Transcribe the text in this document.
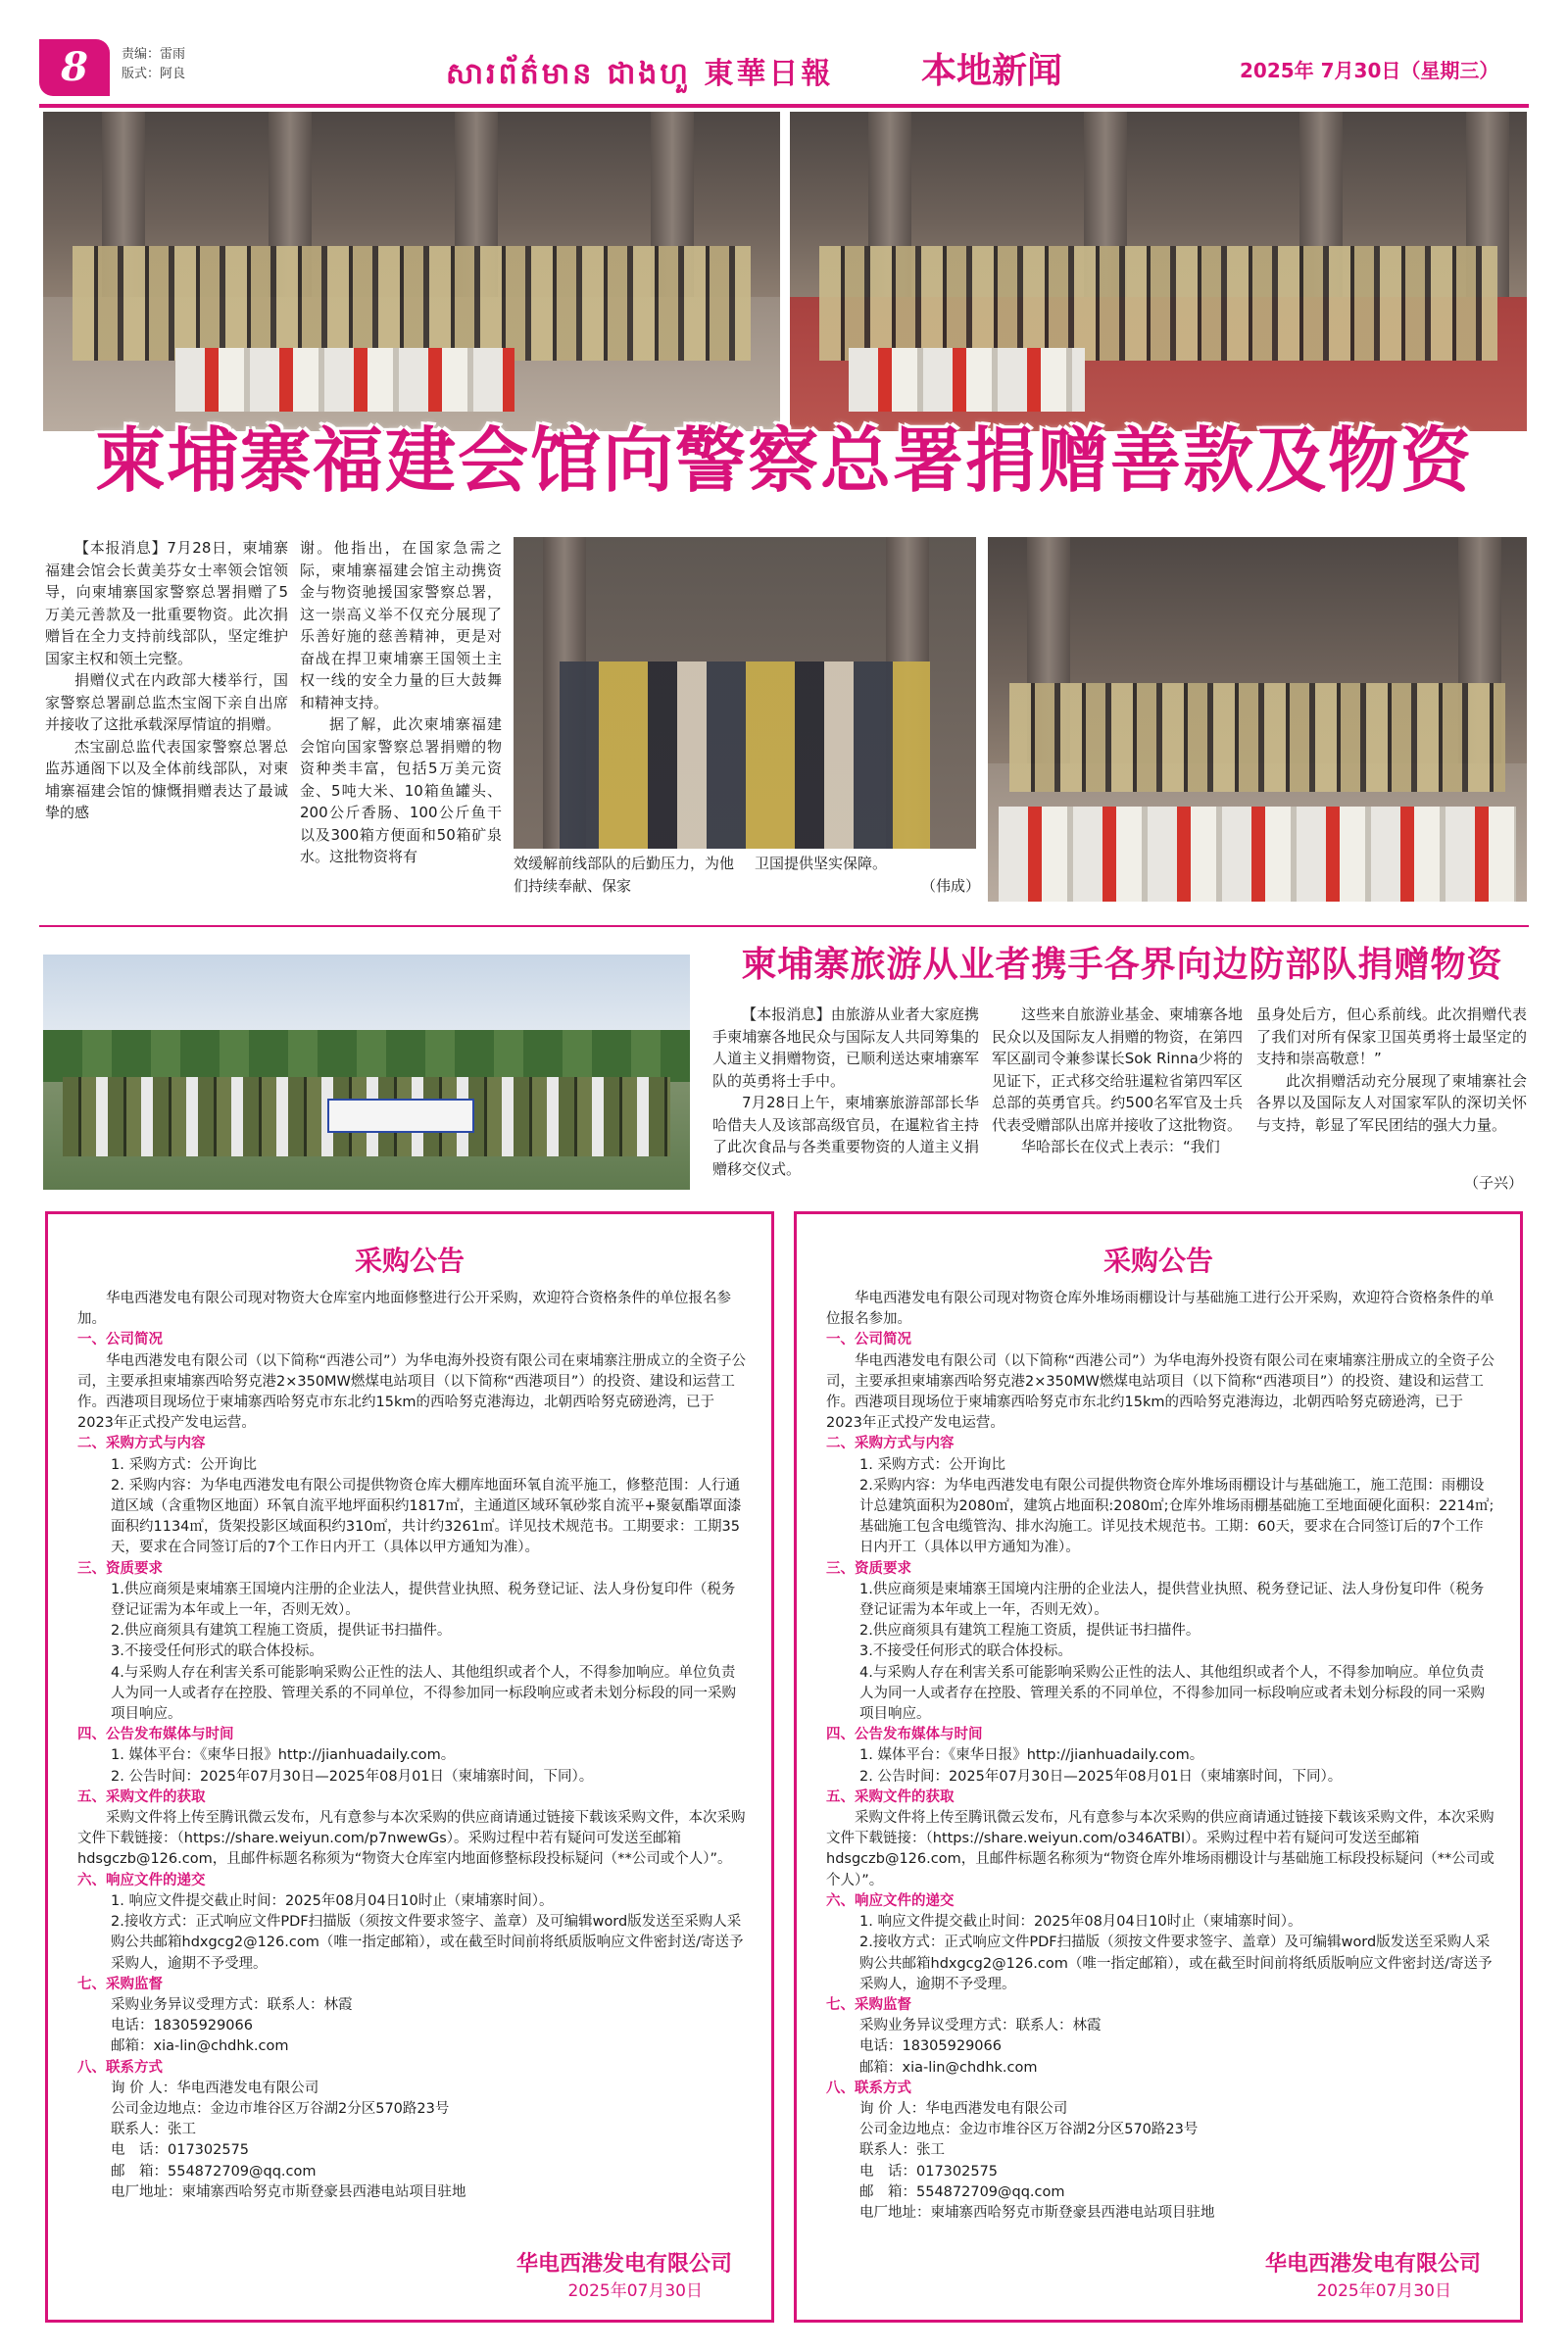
8	责编：雷雨
版式：阿良	សារព័ត៌មាន ជាងហួ 東華日報 本地新闻	2025年 7月30日（星期三）
柬埔寨福建会馆向警察总署捐赠善款及物资

【本报消息】7月28日，柬埔寨福建会馆会长黄美芬女士率领会馆领导，向柬埔寨国家警察总署捐赠了5万美元善款及一批重要物资。此次捐赠旨在全力支持前线部队，坚定维护国家主权和领土完整。

捐赠仪式在内政部大楼举行，国家警察总署副总监杰宝阁下亲自出席并接收了这批承载深厚情谊的捐赠。

杰宝副总监代表国家警察总署总监苏通阁下以及全体前线部队，对柬埔寨福建会馆的慷慨捐赠表达了最诚挚的感

谢。他指出，在国家急需之际，柬埔寨福建会馆主动携资金与物资驰援国家警察总署，这一崇高义举不仅充分展现了乐善好施的慈善精神，更是对奋战在捍卫柬埔寨王国领土主权一线的安全力量的巨大鼓舞和精神支持。

据了解，此次柬埔寨福建会馆向国家警察总署捐赠的物资种类丰富，包括5万美元资金、5吨大米、10箱鱼罐头、200公斤香肠、100公斤鱼干以及300箱方便面和50箱矿泉水。这批物资将有	效缓解前线部队的后勤压力，为他们持续奉献、保家
卫国提供坚实保障。
（伟成）
柬埔寨旅游从业者携手各界向边防部队捐赠物资

【本报消息】由旅游从业者大家庭携手柬埔寨各地民众与国际友人共同筹集的人道主义捐赠物资，已顺利送达柬埔寨军队的英勇将士手中。

7月28日上午，柬埔寨旅游部部长华哈借夫人及该部高级官员，在暹粒省主持了此次食品与各类重要物资的人道主义捐赠移交仪式。

这些来自旅游业基金、柬埔寨各地民众以及国际友人捐赠的物资，在第四军区副司令兼参谋长Sok Rinna少将的见证下，正式移交给驻暹粒省第四军区总部的英勇官兵。约500名军官及士兵代表受赠部队出席并接收了这批物资。

华哈部长在仪式上表示：“我们

虽身处后方，但心系前线。此次捐赠代表了我们对所有保家卫国英勇将士最坚定的支持和崇高敬意！”

此次捐赠活动充分展现了柬埔寨社会各界以及国际友人对国家军队的深切关怀与支持，彰显了军民团结的强大力量。

（子兴）
采购公告
华电西港发电有限公司现对物资大仓库室内地面修整进行公开采购，欢迎符合资格条件的单位报名参加。
一、公司简况
华电西港发电有限公司（以下简称“西港公司”）为华电海外投资有限公司在柬埔寨注册成立的全资子公司，主要承担柬埔寨西哈努克港2×350MW燃煤电站项目（以下简称“西港项目”）的投资、建设和运营工作。西港项目现场位于柬埔寨西哈努克市东北约15km的西哈努克港海边，北朝西哈努克磅逊湾，已于2023年正式投产发电运营。
二、采购方式与内容
1. 采购方式：公开询比
2. 采购内容：为华电西港发电有限公司提供物资仓库大棚库地面环氧自流平施工，修整范围：人行通道区域（含重物区地面）环氧自流平地坪面积约1817㎡，主通道区域环氧砂浆自流平+聚氨酯罩面漆面积约1134㎡，货架投影区域面积约310㎡，共计约3261㎡。详见技术规范书。工期要求：工期35天，要求在合同签订后的7个工作日内开工（具体以甲方通知为准）。
三、资质要求
1.供应商须是柬埔寨王国境内注册的企业法人，提供营业执照、税务登记证、法人身份复印件（税务登记证需为本年或上一年，否则无效）。
2.供应商须具有建筑工程施工资质，提供证书扫描件。
3.不接受任何形式的联合体投标。
4.与采购人存在利害关系可能影响采购公正性的法人、其他组织或者个人，不得参加响应。单位负责人为同一人或者存在控股、管理关系的不同单位，不得参加同一标段响应或者未划分标段的同一采购项目响应。
四、公告发布媒体与时间
1. 媒体平台：《柬华日报》http://jianhuadaily.com。
2. 公告时间：2025年07月30日—2025年08月01日（柬埔寨时间，下同）。
五、采购文件的获取
采购文件将上传至腾讯微云发布，凡有意参与本次采购的供应商请通过链接下载该采购文件，本次采购文件下载链接：（https://share.weiyun.com/p7nwewGs）。采购过程中若有疑问可发送至邮箱hdsgczb@126.com，且邮件标题名称须为“物资大仓库室内地面修整标段投标疑问（**公司或个人）”。
六、响应文件的递交
1. 响应文件提交截止时间：2025年08月04日10时止（柬埔寨时间）。
2.接收方式：正式响应文件PDF扫描版（须按文件要求签字、盖章）及可编辑word版发送至采购人采购公共邮箱hdxgcg2@126.com（唯一指定邮箱），或在截至时间前将纸质版响应文件密封送/寄送予采购人，逾期不予受理。
七、采购监督
采购业务异议受理方式：联系人：林霞
电话：18305929066
邮箱：xia-lin@chdhk.com
八、联系方式
询 价 人：华电西港发电有限公司
公司金边地点：金边市堆谷区万谷湖2分区570路23号
联系人：张工
电　话：017302575
邮　箱：554872709@qq.com
电厂地址：柬埔寨西哈努克市斯登豪县西港电站项目驻地
华电西港发电有限公司
2025年07月30日
采购公告
华电西港发电有限公司现对物资仓库外堆场雨棚设计与基础施工进行公开采购，欢迎符合资格条件的单位报名参加。
一、公司简况
华电西港发电有限公司（以下简称“西港公司”）为华电海外投资有限公司在柬埔寨注册成立的全资子公司，主要承担柬埔寨西哈努克港2×350MW燃煤电站项目（以下简称“西港项目”）的投资、建设和运营工作。西港项目现场位于柬埔寨西哈努克市东北约15km的西哈努克港海边，北朝西哈努克磅逊湾，已于2023年正式投产发电运营。
二、采购方式与内容
1. 采购方式：公开询比
2.采购内容：为华电西港发电有限公司提供物资仓库外堆场雨棚设计与基础施工，施工范围：雨棚设计总建筑面积为2080㎡，建筑占地面积:2080㎡;仓库外堆场雨棚基础施工至地面硬化面积：2214㎡;基础施工包含电缆管沟、排水沟施工。详见技术规范书。工期：60天，要求在合同签订后的7个工作日内开工（具体以甲方通知为准）。
三、资质要求
1.供应商须是柬埔寨王国境内注册的企业法人，提供营业执照、税务登记证、法人身份复印件（税务登记证需为本年或上一年，否则无效）。
2.供应商须具有建筑工程施工资质，提供证书扫描件。
3.不接受任何形式的联合体投标。
4.与采购人存在利害关系可能影响采购公正性的法人、其他组织或者个人，不得参加响应。单位负责人为同一人或者存在控股、管理关系的不同单位，不得参加同一标段响应或者未划分标段的同一采购项目响应。
四、公告发布媒体与时间
1. 媒体平台：《柬华日报》http://jianhuadaily.com。
2. 公告时间：2025年07月30日—2025年08月01日（柬埔寨时间，下同）。
五、采购文件的获取
采购文件将上传至腾讯微云发布，凡有意参与本次采购的供应商请通过链接下载该采购文件，本次采购文件下载链接：（https://share.weiyun.com/o346ATBI）。采购过程中若有疑问可发送至邮箱hdsgczb@126.com，且邮件标题名称须为“物资仓库外堆场雨棚设计与基础施工标段投标疑问（**公司或个人）”。
六、响应文件的递交
1. 响应文件提交截止时间：2025年08月04日10时止（柬埔寨时间）。
2.接收方式：正式响应文件PDF扫描版（须按文件要求签字、盖章）及可编辑word版发送至采购人采购公共邮箱hdxgcg2@126.com（唯一指定邮箱），或在截至时间前将纸质版响应文件密封送/寄送予采购人，逾期不予受理。
七、采购监督
采购业务异议受理方式：联系人：林霞
电话：18305929066
邮箱：xia-lin@chdhk.com
八、联系方式
询 价 人：华电西港发电有限公司
公司金边地点：金边市堆谷区万谷湖2分区570路23号
联系人：张工
电　话：017302575
邮　箱：554872709@qq.com
电厂地址：柬埔寨西哈努克市斯登豪县西港电站项目驻地
华电西港发电有限公司
2025年07月30日
